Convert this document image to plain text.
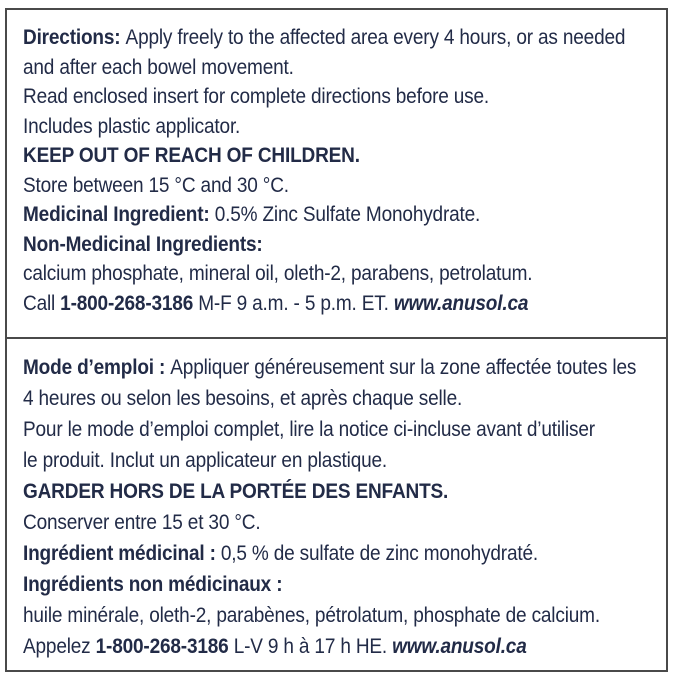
Directions: Apply freely to the affected area every 4 hours, or as needed

and after each bowel movement.

Read enclosed insert for complete directions before use.

Includes plastic applicator.

KEEP OUT OF REACH OF CHILDREN.

Store between 15 °C and 30 °C.

Medicinal Ingredient: 0.5% Zinc Sulfate Monohydrate.

Non-Medicinal Ingredients:

calcium phosphate, mineral oil, oleth-2, parabens, petrolatum.

Call 1-800-268-3186 M-F 9 a.m. - 5 p.m. ET. www.anusol.ca

Mode d’emploi : Appliquer généreusement sur la zone affectée toutes les

4 heures ou selon les besoins, et après chaque selle.

Pour le mode d’emploi complet, lire la notice ci-incluse avant d’utiliser

le produit. Inclut un applicateur en plastique.

GARDER HORS DE LA PORTÉE DES ENFANTS.

Conserver entre 15 et 30 °C.

Ingrédient médicinal : 0,5 % de sulfate de zinc monohydraté.

Ingrédients non médicinaux :

huile minérale, oleth-2, parabènes, pétrolatum, phosphate de calcium.

Appelez 1-800-268-3186 L-V 9 h à 17 h HE. www.anusol.ca
